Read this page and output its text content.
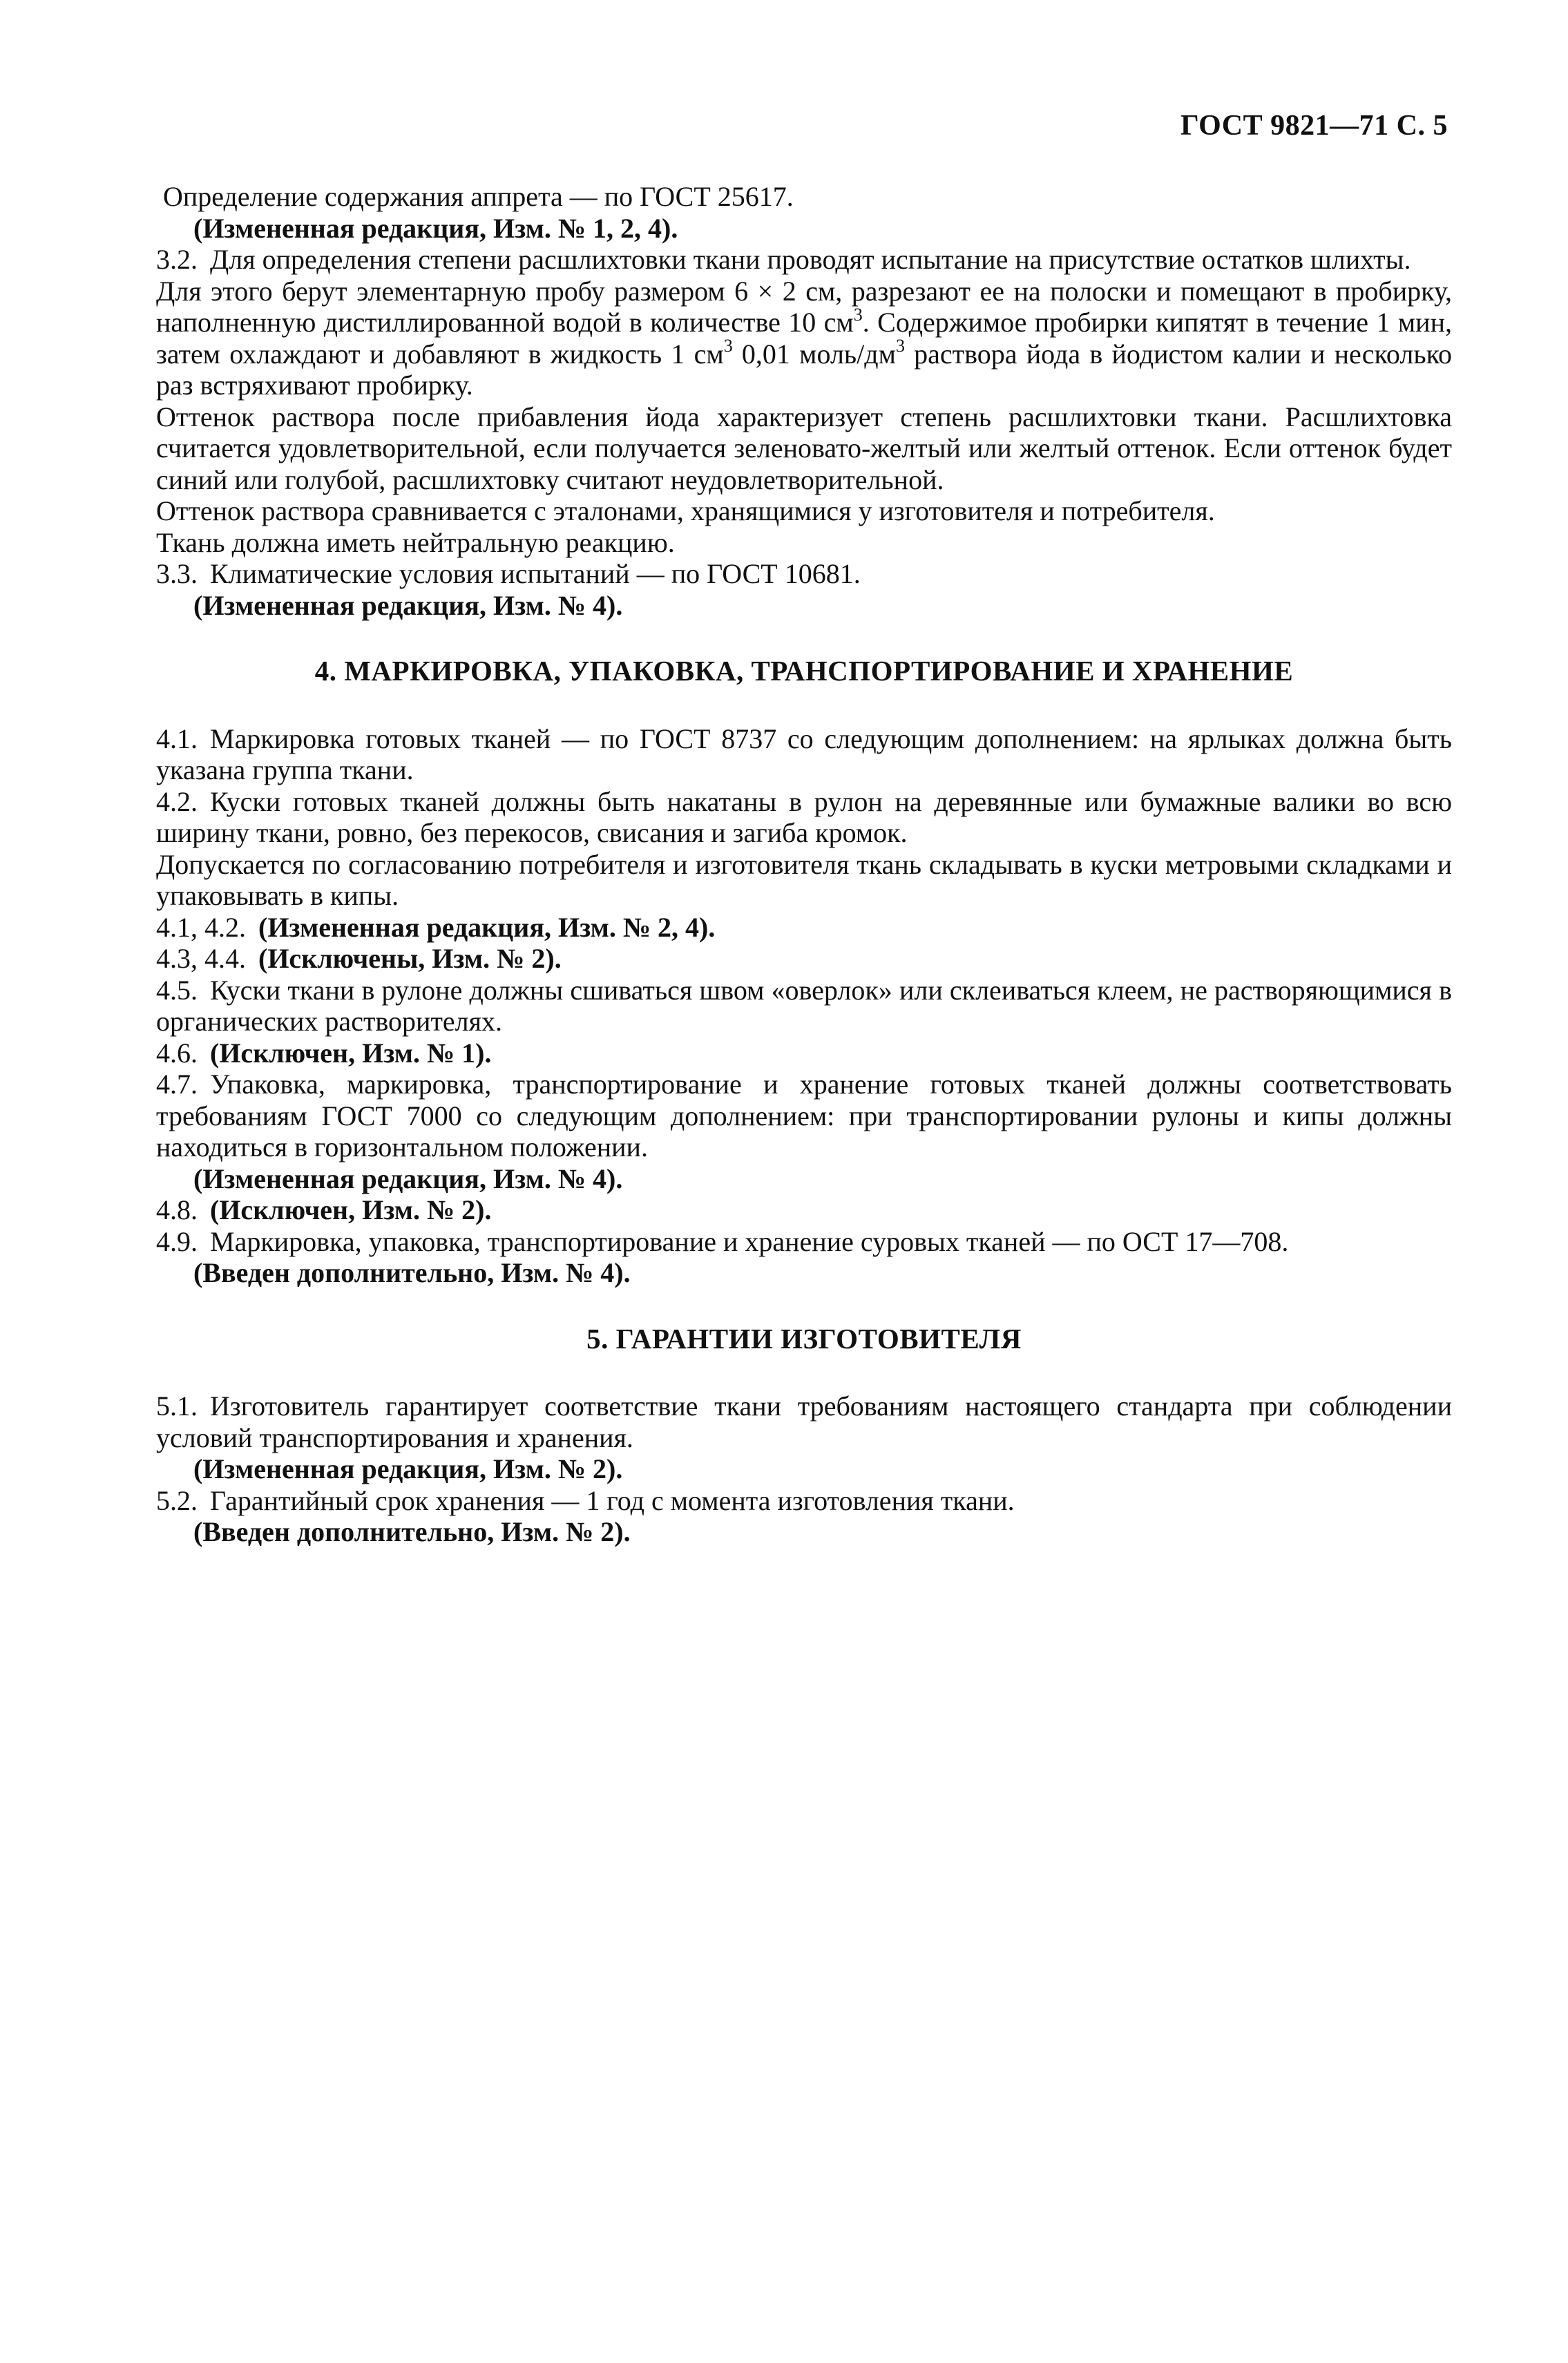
ГОСТ 9821—71 С. 5

Определение содержания аппрета — по ГОСТ 25617.

(Измененная редакция, Изм. № 1, 2, 4).

3.2. Для определения степени расшлихтовки ткани проводят испытание на присутствие остатков шлихты.

Для этого берут элементарную пробу размером 6 × 2 см, разрезают ее на полоски и помещают в пробирку, наполненную дистиллированной водой в количестве 10 $см^3$. Содержимое пробирки кипятят в течение 1 мин, затем охлаждают и добавляют в жидкость 1 $см^3$ 0,01 моль/$дм^3$ раствора йода в йодистом калии и несколько раз встряхивают пробирку.

Оттенок раствора после прибавления йода характеризует степень расшлихтовки ткани. Расшлихтовка считается удовлетворительной, если получается зеленовато-желтый или желтый оттенок. Если оттенок будет синий или голубой, расшлихтовку считают неудовлетворительной.

Оттенок раствора сравнивается с эталонами, хранящимися у изготовителя и потребителя.

Ткань должна иметь нейтральную реакцию.

3.3. Климатические условия испытаний — по ГОСТ 10681.

(Измененная редакция, Изм. № 4).

4. МАРКИРОВКА, УПАКОВКА, ТРАНСПОРТИРОВАНИЕ И ХРАНЕНИЕ

4.1. Маркировка готовых тканей — по ГОСТ 8737 со следующим дополнением: на ярлыках должна быть указана группа ткани.

4.2. Куски готовых тканей должны быть накатаны в рулон на деревянные или бумажные валики во всю ширину ткани, ровно, без перекосов, свисания и загиба кромок.

Допускается по согласованию потребителя и изготовителя ткань складывать в куски метровыми складками и упаковывать в кипы.

4.1, 4.2. (Измененная редакция, Изм. № 2, 4).

4.3, 4.4. (Исключены, Изм. № 2).

4.5. Куски ткани в рулоне должны сшиваться швом «оверлок» или склеиваться клеем, не растворяющимися в органических растворителях.

4.6. (Исключен, Изм. № 1).

4.7. Упаковка, маркировка, транспортирование и хранение готовых тканей должны соответствовать требованиям ГОСТ 7000 со следующим дополнением: при транспортировании рулоны и кипы должны находиться в горизонтальном положении.

(Измененная редакция, Изм. № 4).

4.8. (Исключен, Изм. № 2).

4.9. Маркировка, упаковка, транспортирование и хранение суровых тканей — по ОСТ 17—708.

(Введен дополнительно, Изм. № 4).

5. ГАРАНТИИ ИЗГОТОВИТЕЛЯ

5.1. Изготовитель гарантирует соответствие ткани требованиям настоящего стандарта при соблюдении условий транспортирования и хранения.

(Измененная редакция, Изм. № 2).

5.2. Гарантийный срок хранения — 1 год с момента изготовления ткани.

(Введен дополнительно, Изм. № 2).
